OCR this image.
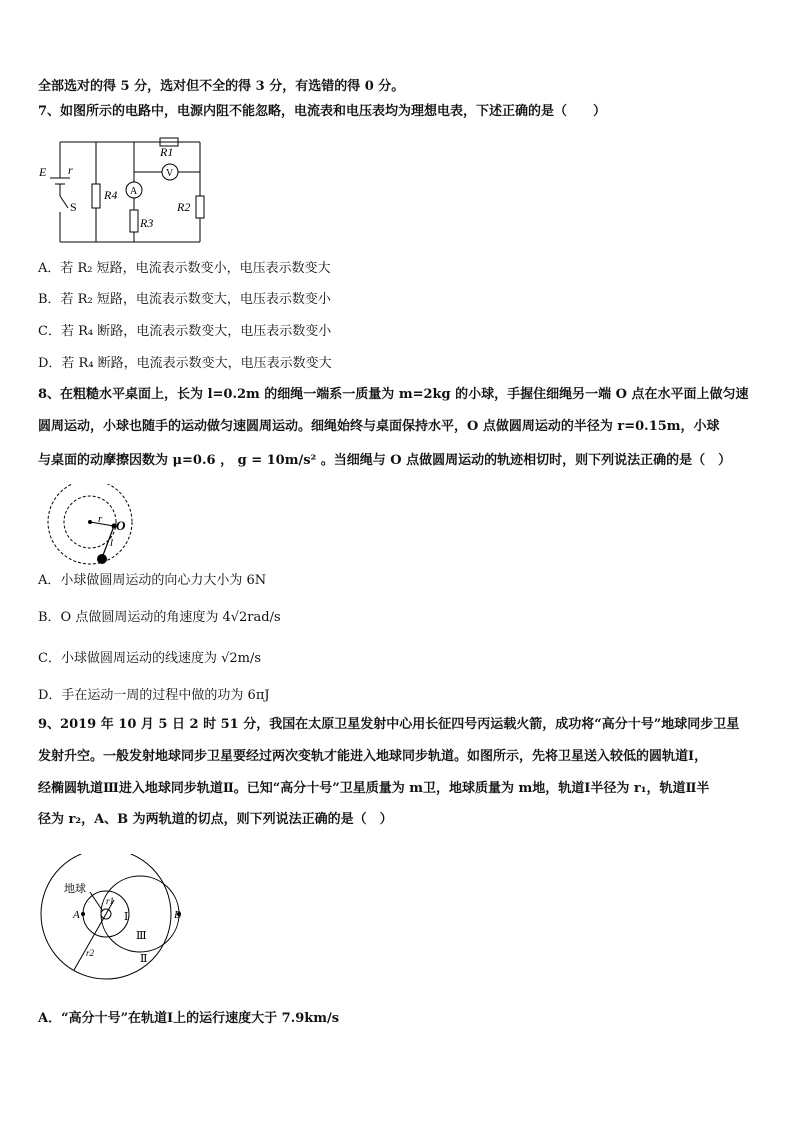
全部选对的得 5 分，选对但不全的得 3 分，有选错的得 0 分。
7、如图所示的电路中，电源内阻不能忽略，电流表和电压表均为理想电表，下述正确的是（　　）
E r
S
R4
R3
R1
R2
A
V
A．若 R₂ 短路，电流表示数变小，电压表示数变大
B．若 R₂ 短路，电流表示数变大，电压表示数变小
C．若 R₄ 断路，电流表示数变大，电压表示数变小
D．若 R₄ 断路，电流表示数变大，电压表示数变大
8、在粗糙水平桌面上，长为 l=0.2m 的细绳一端系一质量为 m=2kg 的小球，手握住细绳另一端 O 点在水平面上做匀速
圆周运动，小球也随手的运动做匀速圆周运动。细绳始终与桌面保持水平，O 点做圆周运动的半径为 r=0.15m，小球
与桌面的动摩擦因数为 μ=0.6 ， g = 10m/s² 。当细绳与 O 点做圆周运动的轨迹相切时，则下列说法正确的是（　）
r O
l
A．小球做圆周运动的向心力大小为 6N
B．O 点做圆周运动的角速度为 4√2rad/s
C．小球做圆周运动的线速度为 √2m/s
D．手在运动一周的过程中做的功为 6πJ
9、2019 年 10 月 5 日 2 时 51 分，我国在太原卫星发射中心用长征四号丙运载火箭，成功将“高分十号”地球同步卫星
发射升空。一般发射地球同步卫星要经过两次变轨才能进入地球同步轨道。如图所示，先将卫星送入较低的圆轨道Ⅰ，
经椭圆轨道Ⅲ进入地球同步轨道Ⅱ。已知“高分十号”卫星质量为 m卫，地球质量为 m地，轨道Ⅰ半径为 r₁，轨道Ⅱ半
径为 r₂，A、B 为两轨道的切点，则下列说法正确的是（　）
地球
A	B
r1
r2
Ⅰ
Ⅲ
Ⅱ
A．“高分十号”在轨道Ⅰ上的运行速度大于 7.9km/s
